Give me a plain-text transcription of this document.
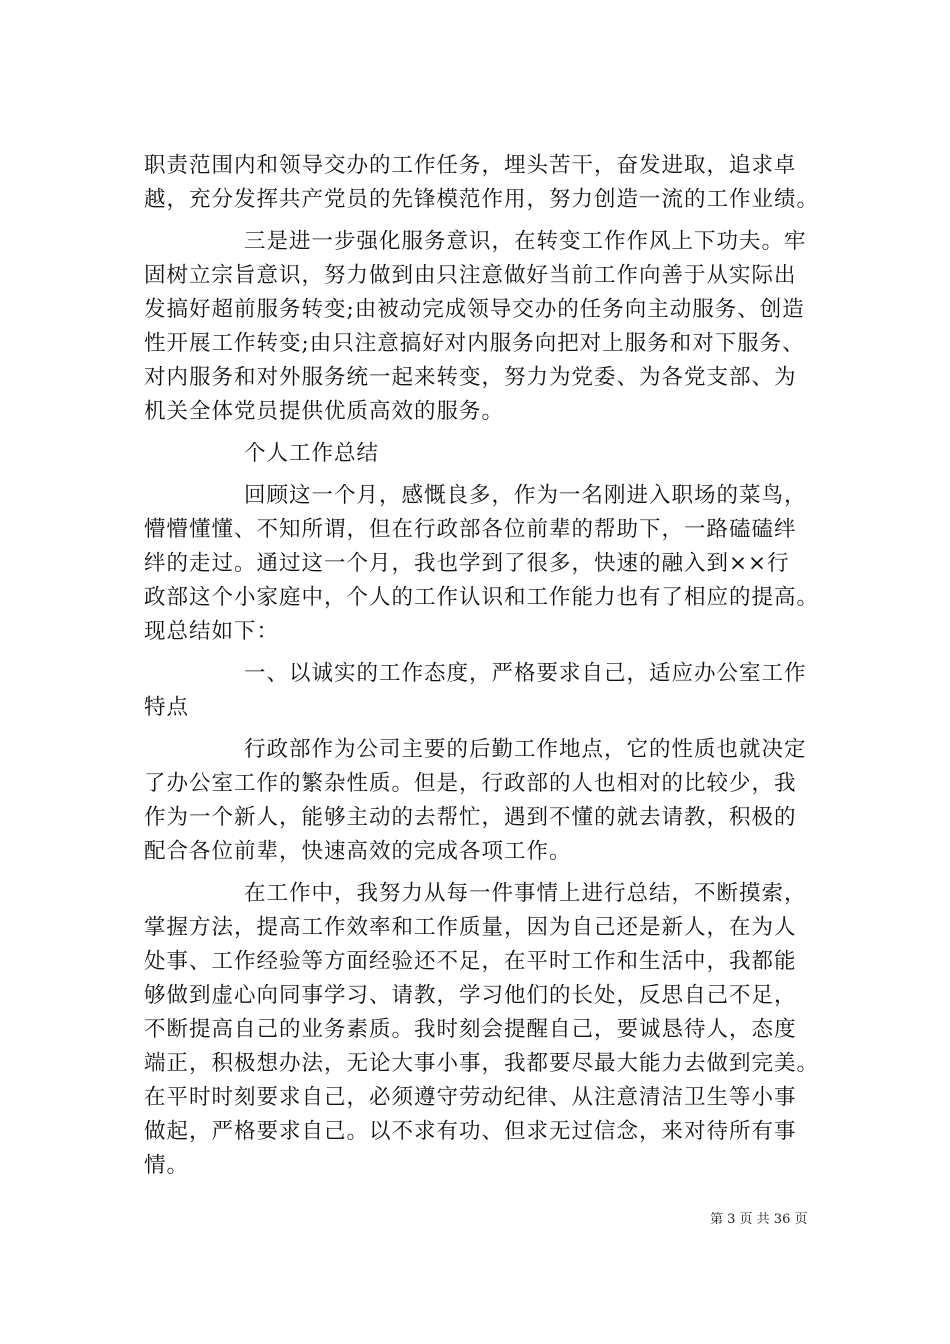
职责范围内和领导交办的工作任务，埋头苦干，奋发进取，追求卓

越，充分发挥共产党员的先锋模范作用，努力创造一流的工作业绩。

三是进一步强化服务意识，在转变工作作风上下功夫。牢

固树立宗旨意识，努力做到由只注意做好当前工作向善于从实际出

发搞好超前服务转变;由被动完成领导交办的任务向主动服务、创造

性开展工作转变;由只注意搞好对内服务向把对上服务和对下服务、

对内服务和对外服务统一起来转变，努力为党委、为各党支部、为

机关全体党员提供优质高效的服务。

个人工作总结

回顾这一个月，感慨良多，作为一名刚进入职场的菜鸟，

懵懵懂懂、不知所谓，但在行政部各位前辈的帮助下，一路磕磕绊

绊的走过。通过这一个月，我也学到了很多，快速的融入到××行

政部这个小家庭中，个人的工作认识和工作能力也有了相应的提高。

现总结如下：

一、以诚实的工作态度，严格要求自己，适应办公室工作

特点

行政部作为公司主要的后勤工作地点，它的性质也就决定

了办公室工作的繁杂性质。但是，行政部的人也相对的比较少，我

作为一个新人，能够主动的去帮忙，遇到不懂的就去请教，积极的

配合各位前辈，快速高效的完成各项工作。

在工作中，我努力从每一件事情上进行总结，不断摸索，

掌握方法，提高工作效率和工作质量，因为自己还是新人，在为人

处事、工作经验等方面经验还不足，在平时工作和生活中，我都能

够做到虚心向同事学习、请教，学习他们的长处，反思自己不足，

不断提高自己的业务素质。我时刻会提醒自己，要诚恳待人，态度

端正，积极想办法，无论大事小事，我都要尽最大能力去做到完美。

在平时时刻要求自己，必须遵守劳动纪律、从注意清洁卫生等小事

做起，严格要求自己。以不求有功、但求无过信念，来对待所有事

情。

第 3 页 共 36 页
